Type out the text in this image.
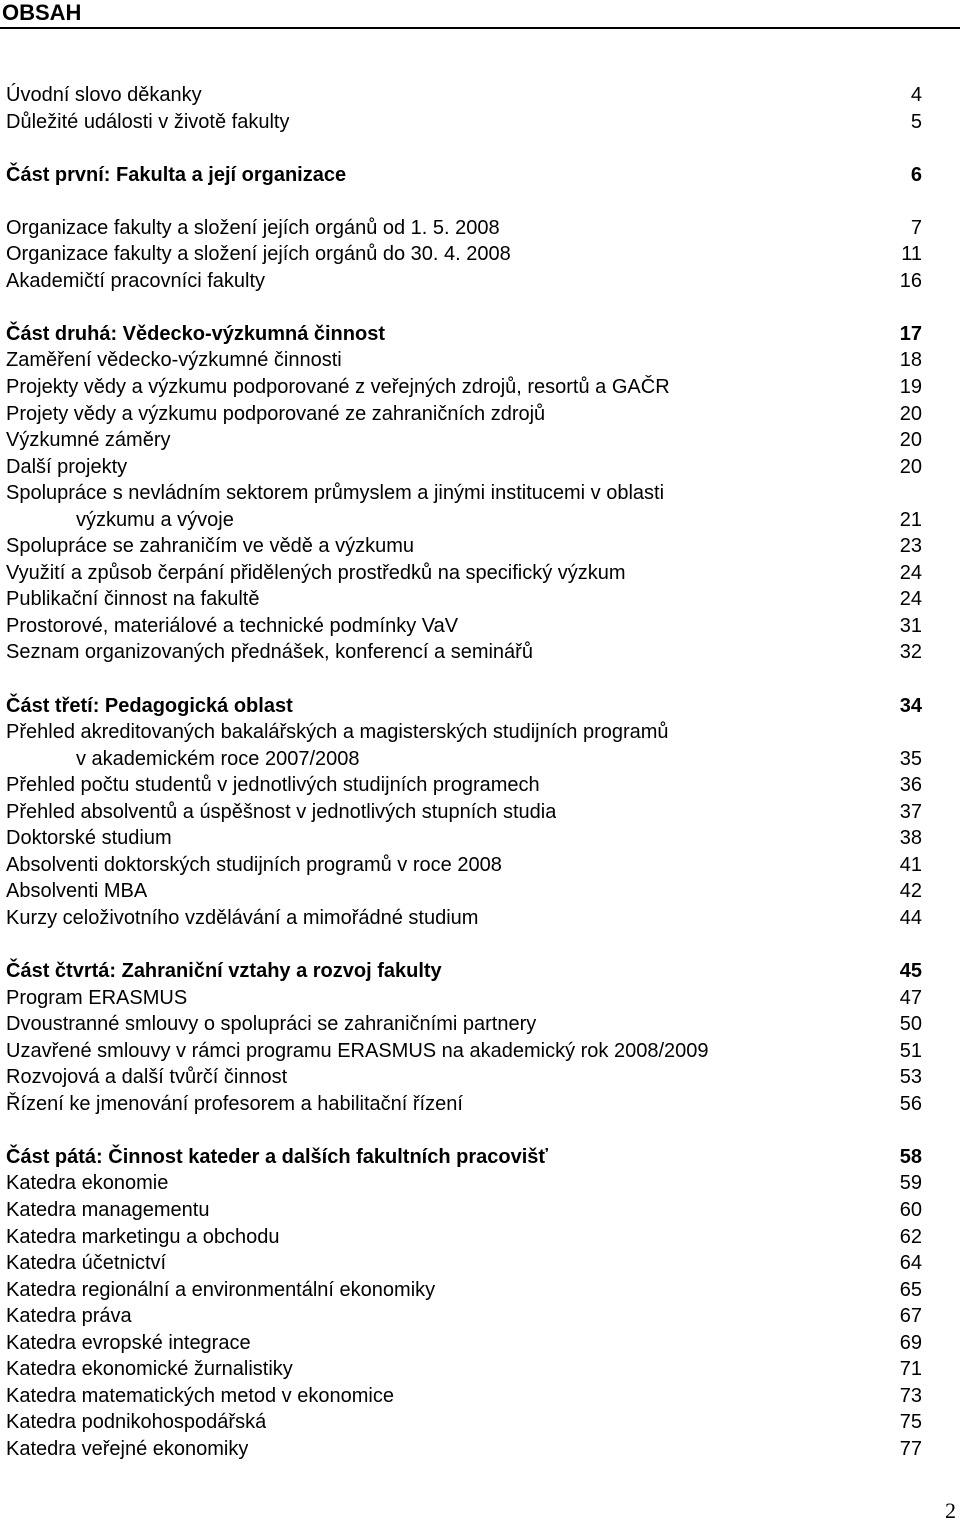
OBSAH
Úvodní slovo děkanky	4
Důležité události v životě fakulty	5
Část první: Fakulta a její organizace	6
Organizace fakulty a složení jejích orgánů od 1. 5. 2008	7
Organizace fakulty a složení jejích orgánů do 30. 4. 2008	11
Akademičtí pracovníci fakulty	16
Část druhá: Vědecko-výzkumná činnost	17
Zaměření vědecko-výzkumné činnosti	18
Projekty vědy a výzkumu podporované z veřejných zdrojů, resortů a GAČR	19
Projety vědy a výzkumu podporované ze zahraničních zdrojů	20
Výzkumné záměry	20
Další projekty	20
Spolupráce s nevládním sektorem průmyslem a jinými institucemi v oblasti
výzkumu a vývoje	21
Spolupráce se zahraničím ve vědě a výzkumu	23
Využití a způsob čerpání přidělených prostředků na specifický výzkum	24
Publikační činnost na fakultě	24
Prostorové, materiálové a technické podmínky VaV	31
Seznam organizovaných přednášek, konferencí a seminářů	32
Část třetí: Pedagogická oblast	34
Přehled akreditovaných bakalářských a magisterských studijních programů
v akademickém roce 2007/2008	35
Přehled počtu studentů v jednotlivých studijních programech	36
Přehled absolventů a úspěšnost v jednotlivých stupních studia	37
Doktorské studium	38
Absolventi doktorských studijních programů v roce 2008	41
Absolventi MBA	42
Kurzy celoživotního vzdělávání a mimořádné studium	44
Část čtvrtá: Zahraniční vztahy a rozvoj fakulty	45
Program ERASMUS	47
Dvoustranné smlouvy o spolupráci se zahraničními partnery	50
Uzavřené smlouvy v rámci programu ERASMUS na akademický rok 2008/2009	51
Rozvojová a další tvůrčí činnost	53
Řízení ke jmenování profesorem a habilitační řízení	56
Část pátá: Činnost kateder a dalších fakultních pracovišť	58
Katedra ekonomie	59
Katedra managementu	60
Katedra marketingu a obchodu	62
Katedra účetnictví	64
Katedra regionální a environmentální ekonomiky	65
Katedra práva	67
Katedra evropské integrace	69
Katedra ekonomické žurnalistiky	71
Katedra matematických metod v ekonomice	73
Katedra podnikohospodářská	75
Katedra veřejné ekonomiky	77
2
